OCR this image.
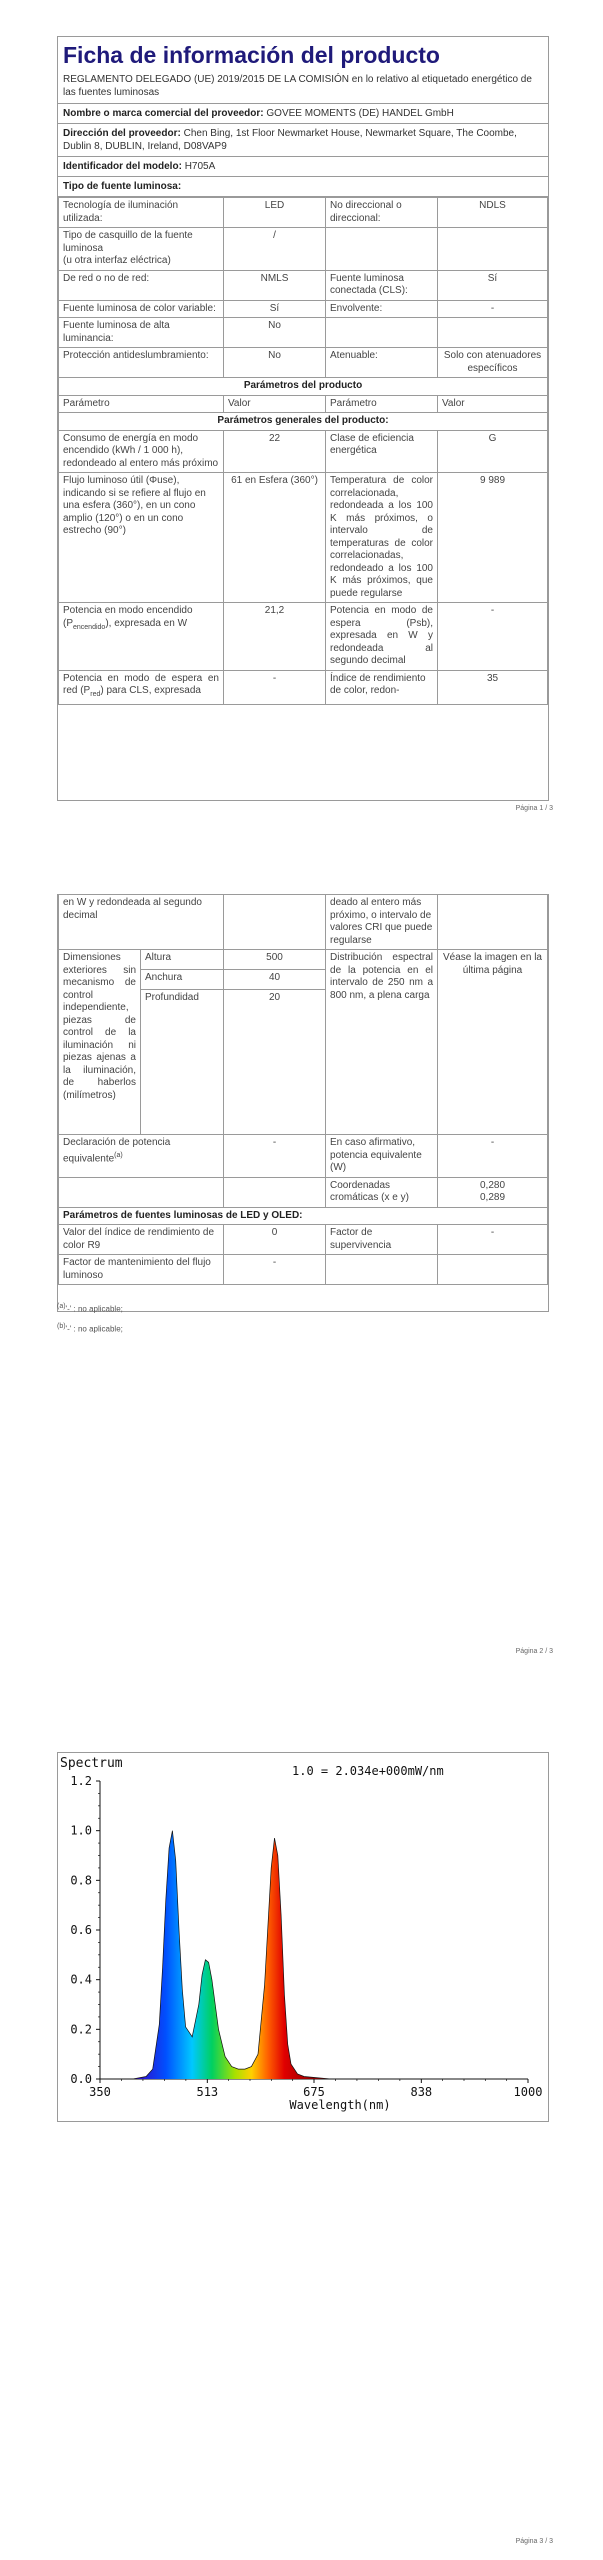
Ficha de información del producto
REGLAMENTO DELEGADO (UE) 2019/2015 DE LA COMISIÓN en lo relativo al etiquetado energético de las fuentes luminosas
Nombre o marca comercial del proveedor: GOVEE MOMENTS (DE) HANDEL GmbH
Dirección del proveedor: Chen Bing, 1st Floor Newmarket House, Newmarket Square, The Coombe, Dublin 8, DUBLIN, Ireland, D08VAP9
Identificador del modelo: H705A
Tipo de fuente luminosa:
Tecnología de iluminación utilizada:	LED	No direccional o direccional:	NDLS
Tipo de casquillo de la fuente luminosa
(u otra interfaz eléctrica)	/		
De red o no de red:	NMLS	Fuente luminosa conectada (CLS):	Sí
Fuente luminosa de color variable:	Sí	Envolvente:	-
Fuente luminosa de alta luminancia:	No		
Protección antideslumbramiento:	No	Atenuable:	Solo con atenuadores específicos
Parámetros del producto			
Parámetro	Valor	Parámetro	Valor
Parámetros generales del producto:			
Consumo de energía en modo encendido (kWh / 1 000 h), redondeado al entero más próximo	22	Clase de eficiencia energética	G
Flujo luminoso útil (Φuse), indicando si se refiere al flujo en una esfera (360°), en un cono amplio (120°) o en un cono estrecho (90°)	61 en Esfera (360°)	Temperatura de color correlacionada, redondeada a los 100 K más próximos, o intervalo de temperaturas de color correlacionadas, redondeado a los 100 K más próximos, que puede regularse	9 989
Potencia en modo encendido $(P_{encendido})$, expresada en W	21,2	Potencia en modo de espera (Psb), expresada en W y redondeada al segundo decimal	-
Potencia en modo de espera en red $(P_{red})$ para CLS, expresada	-	Índice de rendimiento de color, redon-	35
Página 1 / 3
en W y redondeada al segundo decimal			deado al entero más próximo, o intervalo de valores CRI que puede regularse	
Dimensiones exteriores sin mecanismo de control independiente, piezas de control de la iluminación ni piezas ajenas a la iluminación, de haberlos (milímetros)	Altura	500	Distribución espectral de la potencia en el intervalo de 250 nm a 800 nm, a plena carga	Véase la imagen en la última página
	Anchura	40		
	Profundidad	20		
Declaración de potencia equivalente$^{(a)}$		-	En caso afirmativo, potencia equivalente (W)	-
			Coordenadas cromáticas (x e y)	0,280
0,289
Parámetros de fuentes luminosas de LED y OLED:				
Valor del índice de rendimiento de color R9		0	Factor de supervivencia	-
Factor de mantenimiento del flujo luminoso		-		
$^{(a)}$'-' : no aplicable;
$^{(b)}$'-' : no aplicable;
Página 2 / 3
Spectrum	1.0 = 2.034e+000mW/nm
Wavelength(nm)
0.0
0.2
0.4
0.6
0.8
1.0
1.2
350	513	675	838	1000
Página 3 / 3
